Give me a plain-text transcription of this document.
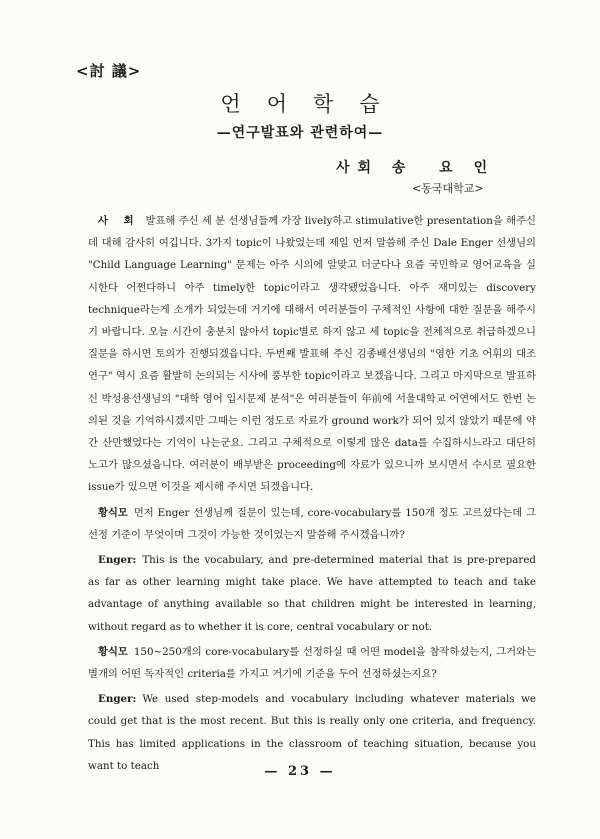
<討 議>
언어학습
—연구발표와 관련하여—
사회 송  요 인
<동국대학교>

사 회 발표해 주신 세 분 선생님들께 가장 lively하고 stimulative한 presentation을 해주신데 대해 감사히 여깁니다. 3가지 topic이 나왔었는데 제일 먼저 말씀해 주신 Dale Enger 선생님의 "Child Language Learning" 문제는 아주 시의에 알맞고 더군다나 요즘 국민학교 영어교육을 실시한다 어쩐다하니 아주 timely한 topic이라고 생각됐었읍니다. 아주 재미있는 discovery technique라는게 소개가 되었는데 거기에 대해서 여러분들이 구체적인 사항에 대한 질문을 해주시기 바랍니다. 오늘 시간이 충분치 않아서 topic별로 하지 않고 세 topic을 전체적으로 취급하겠으니 질문을 하시면 토의가 진행되겠읍니다. 두번째 발표해 주신 김종배선생님의 "영한 기초 어휘의 대조연구" 역시 요즘 활발히 논의되는 시사에 풍부한 topic이라고 보겠읍니다. 그리고 마지막으로 발표하신 박성용선생님의 "대학 영어 입시문제 분석"은 여러분들이 年前에 서울대학교 어연에서도 한번 논의된 것을 기억하시겠지만 그때는 이런 정도로 자료가 ground work가 되어 있지 않았기 때문에 약간 산만했었다는 기억이 나는군요. 그리고 구체적으로 이렇게 많은 data를 수집하시느라고 대단히 노고가 많으셨읍니다. 여러분이 배부받은 proceeding에 자료가 있으니까 보시면서 수시로 필요한 issue가 있으면 이것을 제시해 주시면 되겠읍니다.

황식모 먼저 Enger 선생님께 질문이 있는데, core-vocabulary를 150개 정도 고르셨다는데 그 선정 기준이 무엇이며 그것이 가능한 것이었는지 말씀해 주시겠읍니까?

Enger: This is the vocabulary, and pre-determined material that is pre-prepared as far as other learning might take place. We have attempted to teach and take advantage of anything available so that children might be interested in learning, without regard as to whether it is core, central vocabulary or not.

황식모 150~250개의 core-vocabulary를 선정하실 때 어떤 model을 참작하셨는지, 그거와는 별개의 어떤 독자적인 criteria를 가지고 거기에 기준을 두어 선정하셨는지요?

Enger: We used step-models and vocabulary including whatever materials we could get that is the most recent. But this is really only one criteria, and frequency. This has limited applications in the classroom of teaching situation, because you want to teach	— 23 —
